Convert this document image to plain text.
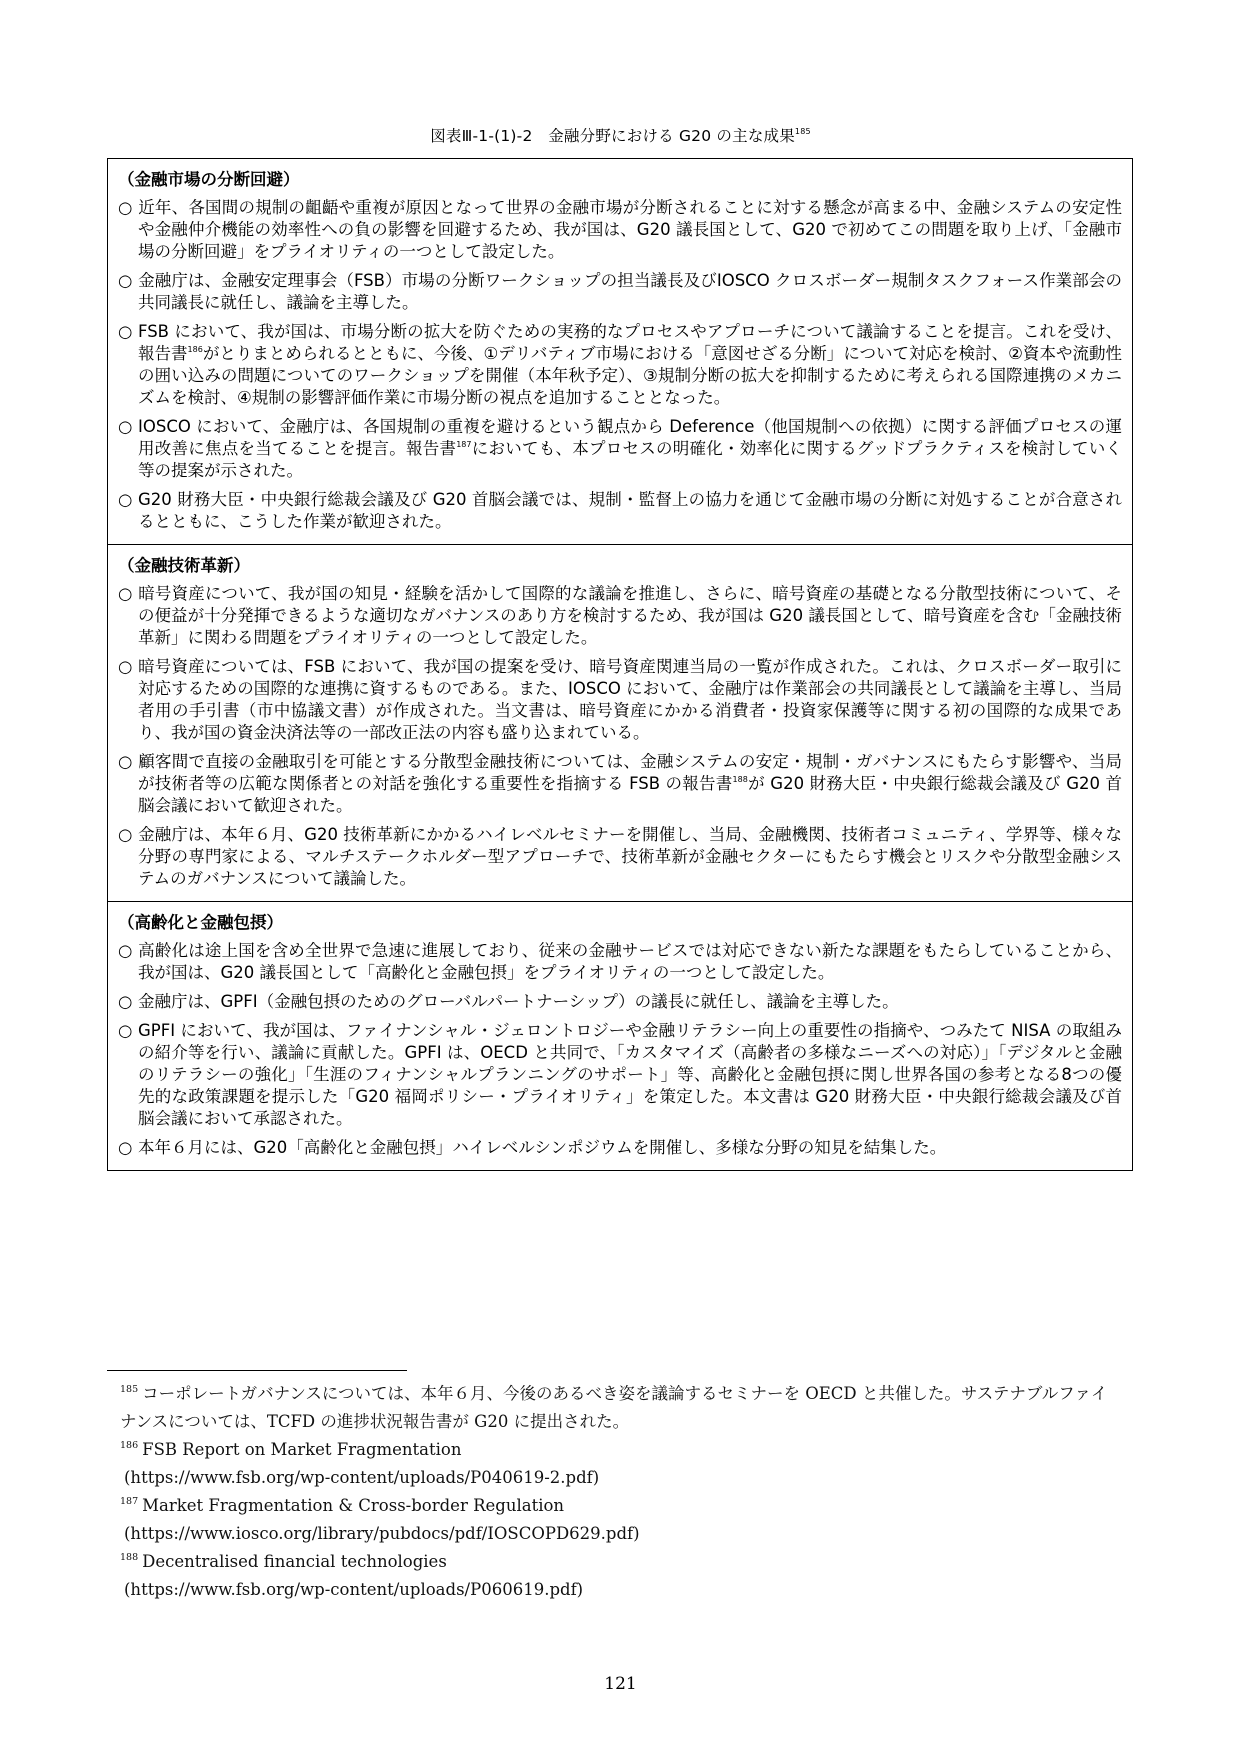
図表Ⅲ-1-(1)-2　金融分野における G20 の主な成果$^{185}$
（金融市場の分断回避）
○ 近年、各国間の規制の齟齬や重複が原因となって世界の金融市場が分断されることに対する懸念が高まる中、金融システムの安定性や金融仲介機能の効率性への負の影響を回避するため、我が国は、G20 議長国として、G20 で初めてこの問題を取り上げ、「金融市場の分断回避」をプライオリティの一つとして設定した。
○ 金融庁は、金融安定理事会（FSB）市場の分断ワークショップの担当議長及びIOSCO クロスボーダー規制タスクフォース作業部会の共同議長に就任し、議論を主導した。
○ FSB において、我が国は、市場分断の拡大を防ぐための実務的なプロセスやアプローチについて議論することを提言。これを受け、報告書$^{186}$がとりまとめられるとともに、今後、①デリバティブ市場における「意図せざる分断」について対応を検討、②資本や流動性の囲い込みの問題についてのワークショップを開催（本年秋予定）、③規制分断の拡大を抑制するために考えられる国際連携のメカニズムを検討、④規制の影響評価作業に市場分断の視点を追加することとなった。
○ IOSCO において、金融庁は、各国規制の重複を避けるという観点から Deference（他国規制への依拠）に関する評価プロセスの運用改善に焦点を当てることを提言。報告書$^{187}$においても、本プロセスの明確化・効率化に関するグッドプラクティスを検討していく等の提案が示された。
○ G20 財務大臣・中央銀行総裁会議及び G20 首脳会議では、規制・監督上の協力を通じて金融市場の分断に対処することが合意されるとともに、こうした作業が歓迎された。
（金融技術革新）
○ 暗号資産について、我が国の知見・経験を活かして国際的な議論を推進し、さらに、暗号資産の基礎となる分散型技術について、その便益が十分発揮できるような適切なガバナンスのあり方を検討するため、我が国は G20 議長国として、暗号資産を含む「金融技術革新」に関わる問題をプライオリティの一つとして設定した。
○ 暗号資産については、FSB において、我が国の提案を受け、暗号資産関連当局の一覧が作成された。これは、クロスボーダー取引に対応するための国際的な連携に資するものである。また、IOSCO において、金融庁は作業部会の共同議長として議論を主導し、当局者用の手引書（市中協議文書）が作成された。当文書は、暗号資産にかかる消費者・投資家保護等に関する初の国際的な成果であり、我が国の資金決済法等の一部改正法の内容も盛り込まれている。
○ 顧客間で直接の金融取引を可能とする分散型金融技術については、金融システムの安定・規制・ガバナンスにもたらす影響や、当局が技術者等の広範な関係者との対話を強化する重要性を指摘する FSB の報告書$^{188}$が G20 財務大臣・中央銀行総裁会議及び G20 首脳会議において歓迎された。
○ 金融庁は、本年６月、G20 技術革新にかかるハイレベルセミナーを開催し、当局、金融機関、技術者コミュニティ、学界等、様々な分野の専門家による、マルチステークホルダー型アプローチで、技術革新が金融セクターにもたらす機会とリスクや分散型金融システムのガバナンスについて議論した。
（高齢化と金融包摂）
○ 高齢化は途上国を含め全世界で急速に進展しており、従来の金融サービスでは対応できない新たな課題をもたらしていることから、我が国は、G20 議長国として「高齢化と金融包摂」をプライオリティの一つとして設定した。
○ 金融庁は、GPFI（金融包摂のためのグローバルパートナーシップ）の議長に就任し、議論を主導した。
○ GPFI において、我が国は、ファイナンシャル・ジェロントロジーや金融リテラシー向上の重要性の指摘や、つみたて NISA の取組みの紹介等を行い、議論に貢献した。GPFI は、OECD と共同で、「カスタマイズ（高齢者の多様なニーズへの対応）」「デジタルと金融のリテラシーの強化」「生涯のフィナンシャルプランニングのサポート」等、高齢化と金融包摂に関し世界各国の参考となる8つの優先的な政策課題を提示した「G20 福岡ポリシー・プライオリティ」を策定した。本文書は G20 財務大臣・中央銀行総裁会議及び首脳会議において承認された。
○ 本年６月には、G20「高齢化と金融包摂」ハイレベルシンポジウムを開催し、多様な分野の知見を結集した。
$^{185}$ コーポレートガバナンスについては、本年６月、今後のあるべき姿を議論するセミナーを OECD と共催した。サステナブルファイナンスについては、TCFD の進捗状況報告書が G20 に提出された。
$^{186}$ FSB Report on Market Fragmentation
(https://www.fsb.org/wp-content/uploads/P040619-2.pdf)
$^{187}$ Market Fragmentation & Cross-border Regulation
(https://www.iosco.org/library/pubdocs/pdf/IOSCOPD629.pdf)
$^{188}$ Decentralised financial technologies
(https://www.fsb.org/wp-content/uploads/P060619.pdf)
121
